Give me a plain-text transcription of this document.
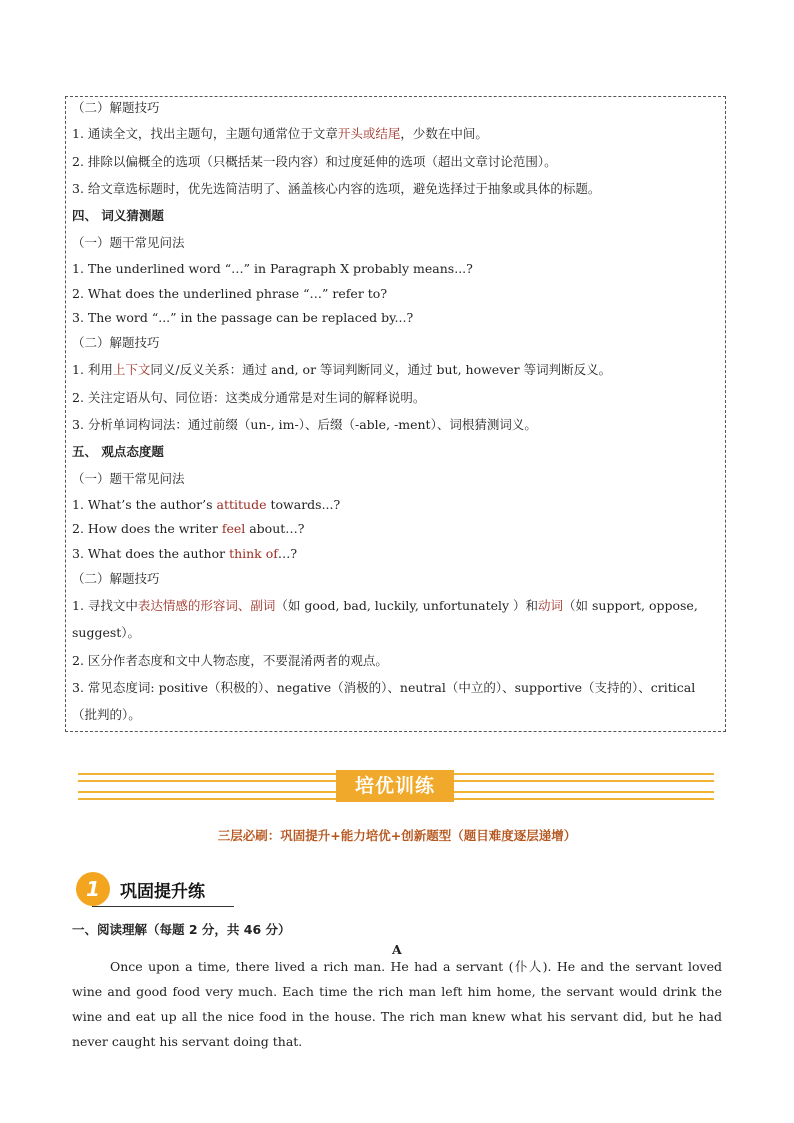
（二）解题技巧
1. 通读全文，找出主题句，主题句通常位于文章开头或结尾，少数在中间。
2. 排除以偏概全的选项（只概括某一段内容）和过度延伸的选项（超出文章讨论范围）。
3. 给文章选标题时，优先选简洁明了、涵盖核心内容的选项，避免选择过于抽象或具体的标题。
四、 词义猜测题
（一）题干常见问法
1. The underlined word “…” in Paragraph X probably means...?
2. What does the underlined phrase “…” refer to?
3. The word “...” in the passage can be replaced by...?
（二）解题技巧
1. 利用上下文同义/反义关系：通过 and, or 等词判断同义，通过 but, however 等词判断反义。
2. 关注定语从句、同位语：这类成分通常是对生词的解释说明。
3. 分析单词构词法：通过前缀（un-, im-）、后缀（-able, -ment）、词根猜测词义。
五、 观点态度题
（一）题干常见问法
1. What’s the author’s attitude towards...?
2. How does the writer feel about…?
3. What does the author think of…?
（二）解题技巧
1. 寻找文中表达情感的形容词、副词（如 good, bad, luckily, unfortunately ）和动词（如 support, oppose,
suggest）。
2. 区分作者态度和文中人物态度，不要混淆两者的观点。
3. 常见态度词: positive（积极的）、negative（消极的）、neutral（中立的）、supportive（支持的）、critical
（批判的）。
培优训练
三层必刷：巩固提升+能力培优+创新题型（题目难度逐层递增）
1	巩固提升练
一、阅读理解（每题 2 分，共 46 分）
A
Once upon a time, there lived a rich man. He had a servant (仆人). He and the servant loved wine and good food very much. Each time the rich man left him home, the servant would drink the wine and eat up all the nice food in the house. The rich man knew what his servant did, but he had never caught his servant doing that.
